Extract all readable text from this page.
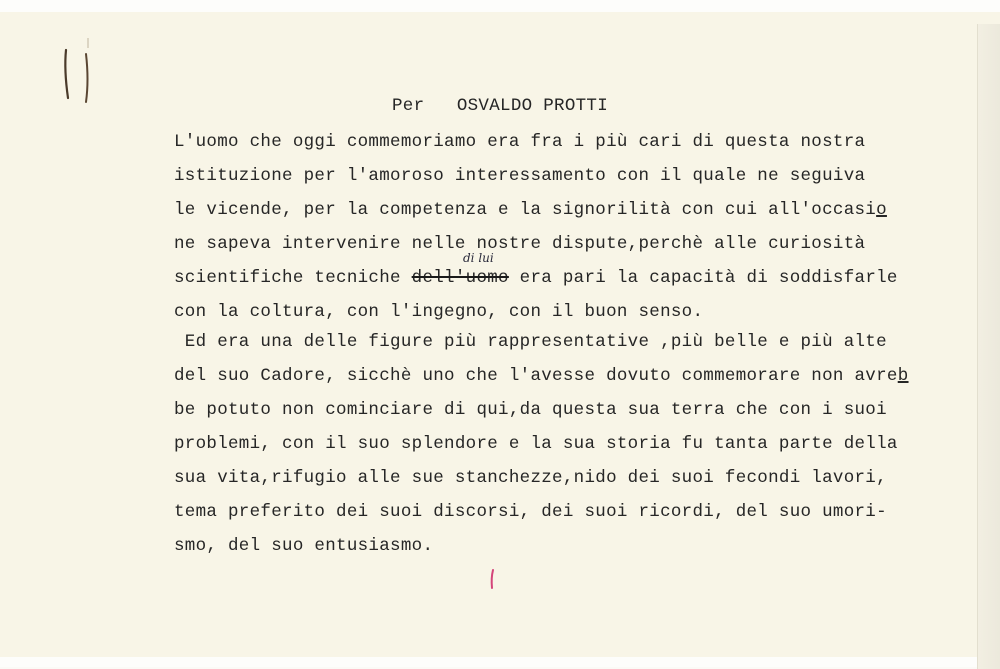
Per OSVALDO PROTTI
L'uomo che oggi commemoriamo era fra i più cari di questa nostra
istituzione per l'amoroso interessamento con il quale ne seguiva
le vicende, per la competenza e la signorilità con cui all'occasio
ne sapeva intervenire nelle nostre dispute,perchè alle curiosità
di lui
scientifiche tecniche dell'uomo era pari la capacità di soddisfarle
con la coltura, con l'ingegno, con il buon senso.
Ed era una delle figure più rappresentative ,più belle e più alte
del suo Cadore, sicchè uno che l'avesse dovuto commemorare non avreb
be potuto non cominciare di qui,da questa sua terra che con i suoi
problemi, con il suo splendore e la sua storia fu tanta parte della
sua vita,rifugio alle sue stanchezze,nido dei suoi fecondi lavori,
tema preferito dei suoi discorsi, dei suoi ricordi, del suo umori-
smo, del suo entusiasmo.
